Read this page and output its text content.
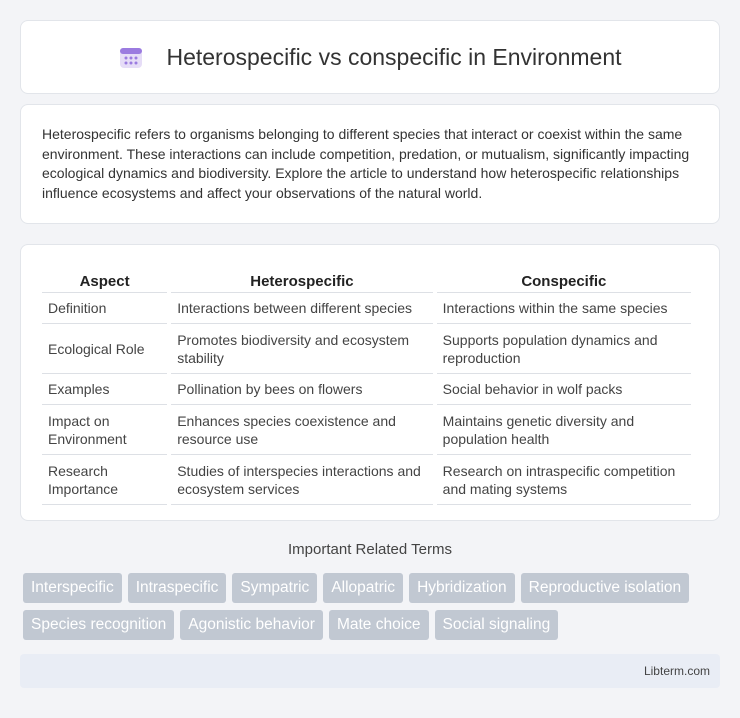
Heterospecific vs conspecific in Environment

Heterospecific refers to organisms belonging to different species that interact or coexist within the same environment. These interactions can include competition, predation, or mutualism, significantly impacting ecological dynamics and biodiversity. Explore the article to understand how heterospecific relationships influence ecosystems and affect your observations of the natural world.

Aspect	Heterospecific	Conspecific
Definition	Interactions between different species	Interactions within the same species
Ecological Role	Promotes biodiversity and ecosystem stability	Supports population dynamics and reproduction
Examples	Pollination by bees on flowers	Social behavior in wolf packs
Impact on Environment	Enhances species coexistence and resource use	Maintains genetic diversity and population health
Research Importance	Studies of interspecies interactions and ecosystem services	Research on intraspecific competition and mating systems
Important Related Terms
Interspecific	Intraspecific	Sympatric	Allopatric	Hybridization	Reproductive isolation
Species recognition	Agonistic behavior	Mate choice	Social signaling
Libterm.com
